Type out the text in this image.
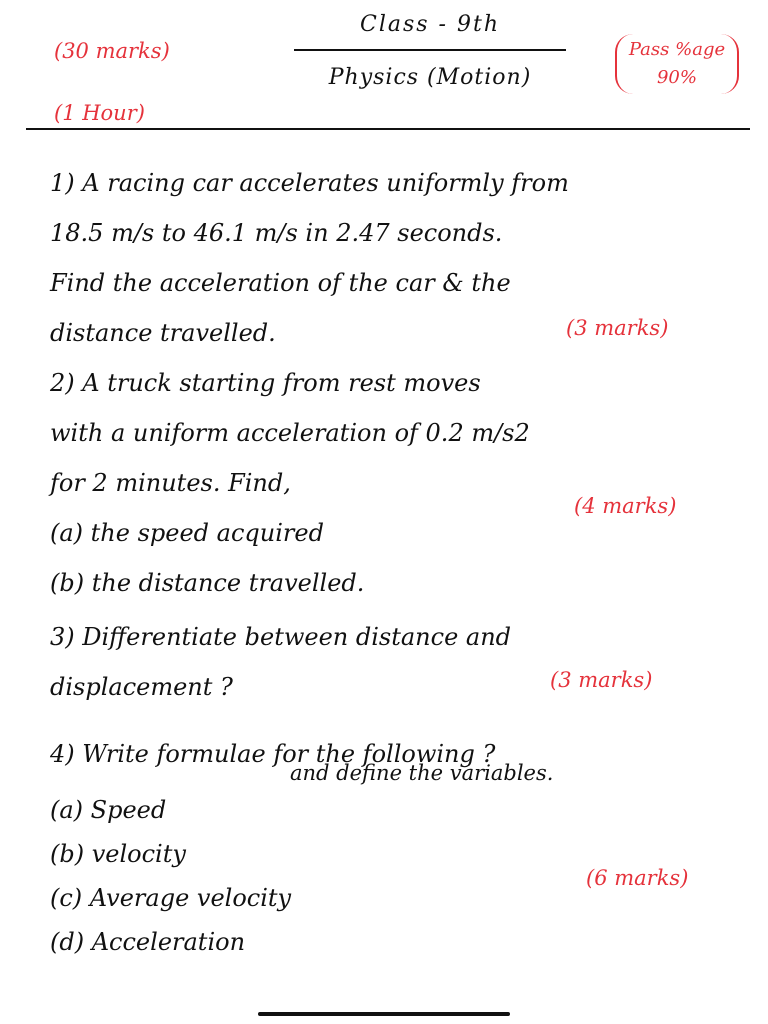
(30 marks)
(1 Hour)
Class - 9th
Physics (Motion)
Pass %age
90%

1) A racing car accelerates uniformly from

18.5 m/s to 46.1 m/s in 2.47 seconds.

Find the acceleration of the car & the

distance travelled.	(3 marks)

2) A truck starting from rest moves

with a uniform acceleration of 0.2 m/s2

for 2 minutes. Find,

(a) the speed acquired

(b) the distance travelled.

(4 marks)

3) Differentiate between distance and

displacement ?	(3 marks)

4) Write formulae for the following ?

and define the variables.

(a) Speed

(b) velocity

(c) Average velocity

(d) Acceleration

(6 marks)
